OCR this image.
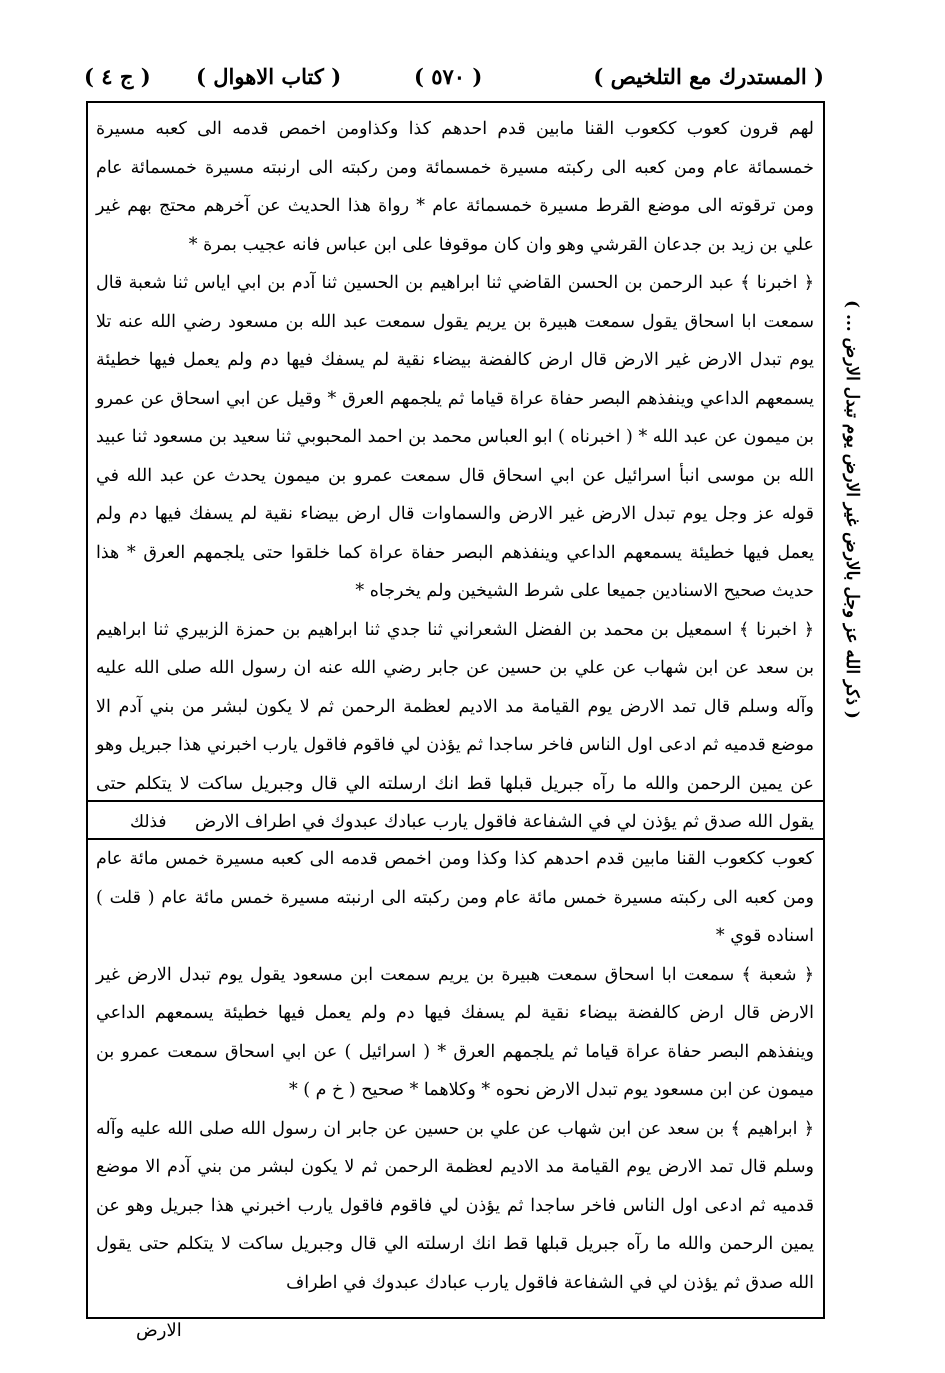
( المستدرك مع التلخيص )
( ٥٧٠ )
( كتاب الاهوال )
( ج ٤ )

لهم قرون كعوب ككعوب القنا مابين قدم احدهم كذا وكذاومن اخمص قدمه الى كعبه مسيرة خمسمائة عام ومن كعبه الى ركبته مسيرة خمسمائة ومن ركبته الى ارنبته مسيرة خمسمائة عام ومن ترقوته الى موضع القرط مسيرة خمسمائة عام * رواة هذا الحديث عن آخرهم محتج بهم غير علي بن زيد بن جدعان القرشي وهو وان كان موقوفا على ابن عباس فانه عجيب بمرة *

﴿ اخبرنا ﴾ عبد الرحمن بن الحسن القاضي ثنا ابراهيم بن الحسين ثنا آدم بن ابي اياس ثنا شعبة قال سمعت ابا اسحاق يقول سمعت هبيرة بن يريم يقول سمعت عبد الله بن مسعود رضي الله عنه تلا يوم تبدل الارض غير الارض قال ارض كالفضة بيضاء نقية لم يسفك فيها دم ولم يعمل فيها خطيئة يسمعهم الداعي وينفذهم البصر حفاة عراة قياما ثم يلجمهم العرق * وقيل عن ابي اسحاق عن عمرو بن ميمون عن عبد الله * ( اخبرناه ) ابو العباس محمد بن احمد المحبوبي ثنا سعيد بن مسعود ثنا عبيد الله بن موسى انبأ اسرائيل عن ابي اسحاق قال سمعت عمرو بن ميمون يحدث عن عبد الله في قوله عز وجل يوم تبدل الارض غير الارض والسماوات قال ارض بيضاء نقية لم يسفك فيها دم ولم يعمل فيها خطيئة يسمعهم الداعي وينفذهم البصر حفاة عراة كما خلقوا حتى يلجمهم العرق * هذا حديث صحيح الاسنادين جميعا على شرط الشيخين ولم يخرجاه *

﴿ اخبرنا ﴾ اسمعيل بن محمد بن الفضل الشعراني ثنا جدي ثنا ابراهيم بن حمزة الزبيري ثنا ابراهيم بن سعد عن ابن شهاب عن علي بن حسين عن جابر رضي الله عنه ان رسول الله صلى الله عليه وآله وسلم قال تمد الارض يوم القيامة مد الاديم لعظمة الرحمن ثم لا يكون لبشر من بني آدم الا موضع قدميه ثم ادعى اول الناس فاخر ساجدا ثم يؤذن لي فاقوم فاقول يارب اخبرني هذا جبريل وهو عن يمين الرحمن والله ما رآه جبريل قبلها قط انك ارسلته الي قال وجبريل ساكت لا يتكلم حتى يقول الله صدق ثم يؤذن لي في الشفاعة فاقول يارب عبادك عبدوك في اطراف الارض

( ذكر الله عز وجل بالارض غير الارض يوم تبدل الارض ... )
فذلك

كعوب ككعوب القنا مابين قدم احدهم كذا وكذا ومن اخمص قدمه الى كعبه مسيرة خمس مائة عام ومن كعبه الى ركبته مسيرة خمس مائة عام ومن ركبته الى ارنبته مسيرة خمس مائة عام ( قلت ) اسناده قوي *

﴿ شعبة ﴾ سمعت ابا اسحاق سمعت هبيرة بن يريم سمعت ابن مسعود يقول يوم تبدل الارض غير الارض قال ارض كالفضة بيضاء نقية لم يسفك فيها دم ولم يعمل فيها خطيئة يسمعهم الداعي وينفذهم البصر حفاة عراة قياما ثم يلجمهم العرق * ( اسرائيل ) عن ابي اسحاق سمعت عمرو بن ميمون عن ابن مسعود يوم تبدل الارض نحوه * وكلاهما * صحيح ( خ م ) *

﴿ ابراهيم ﴾ بن سعد عن ابن شهاب عن علي بن حسين عن جابر ان رسول الله صلى الله عليه وآله وسلم قال تمد الارض يوم القيامة مد الاديم لعظمة الرحمن ثم لا يكون لبشر من بني آدم الا موضع قدميه ثم ادعى اول الناس فاخر ساجدا ثم يؤذن لي فاقوم فاقول يارب اخبرني هذا جبريل وهو عن يمين الرحمن والله ما رآه جبريل قبلها قط انك ارسلته الي قال وجبريل ساكت لا يتكلم حتى يقول الله صدق ثم يؤذن لي في الشفاعة فاقول يارب عبادك عبدوك في اطراف

الارض
